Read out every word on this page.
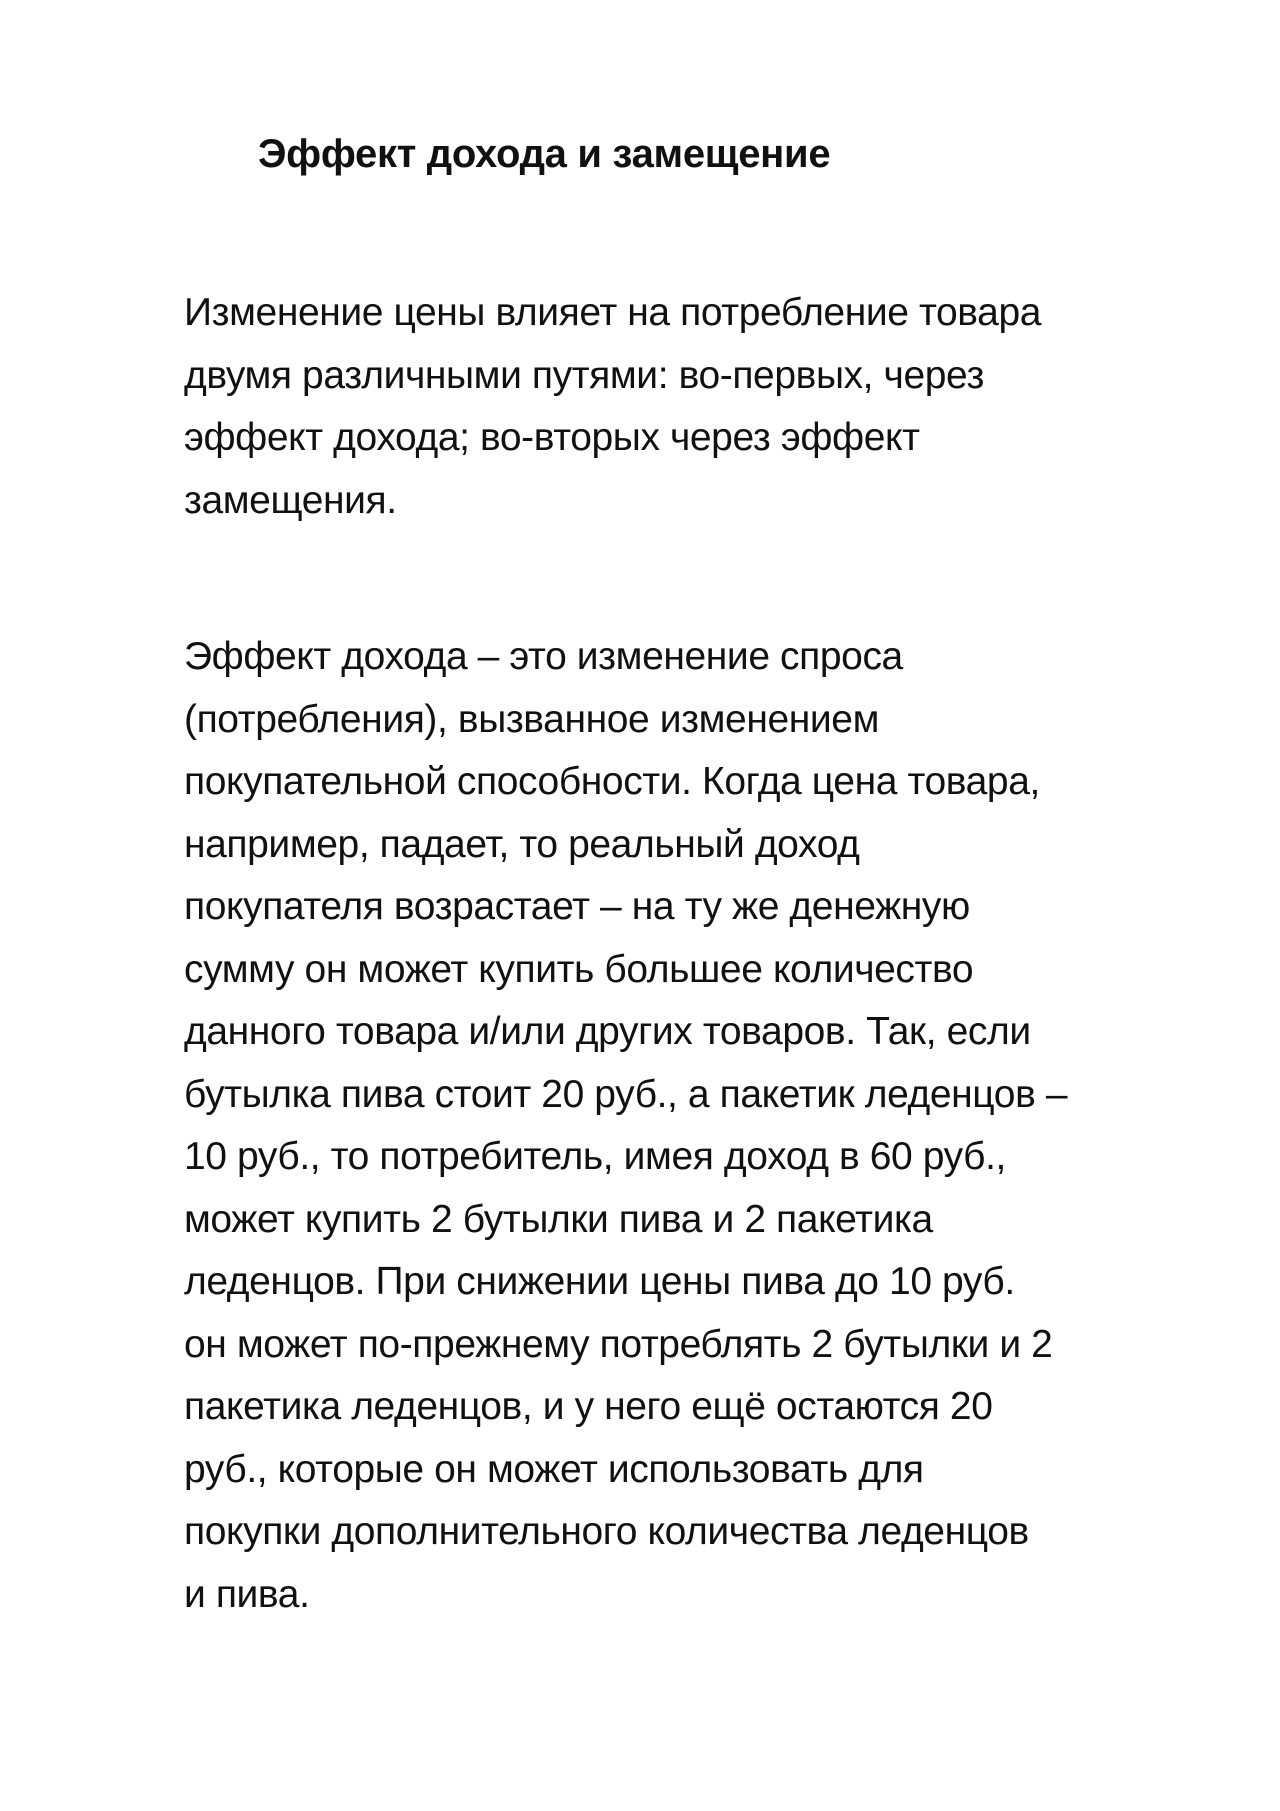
Эффект дохода и замещение

Изменение цены влияет на потребление товара
двумя различными путями: во-первых, через
эффект дохода; во-вторых через эффект
замещения.

Эффект дохода – это изменение спроса
(потребления), вызванное изменением
покупательной способности. Когда цена товара,
например, падает, то реальный доход
покупателя возрастает – на ту же денежную
сумму он может купить большее количество
данного товара и/или других товаров. Так, если
бутылка пива стоит 20 руб., а пакетик леденцов –
10 руб., то потребитель, имея доход в 60 руб.,
может купить 2 бутылки пива и 2 пакетика
леденцов. При снижении цены пива до 10 руб.
он может по-прежнему потреблять 2 бутылки и 2
пакетика леденцов, и у него ещё остаются 20
руб., которые он может использовать для
покупки дополнительного количества леденцов
и пива.
